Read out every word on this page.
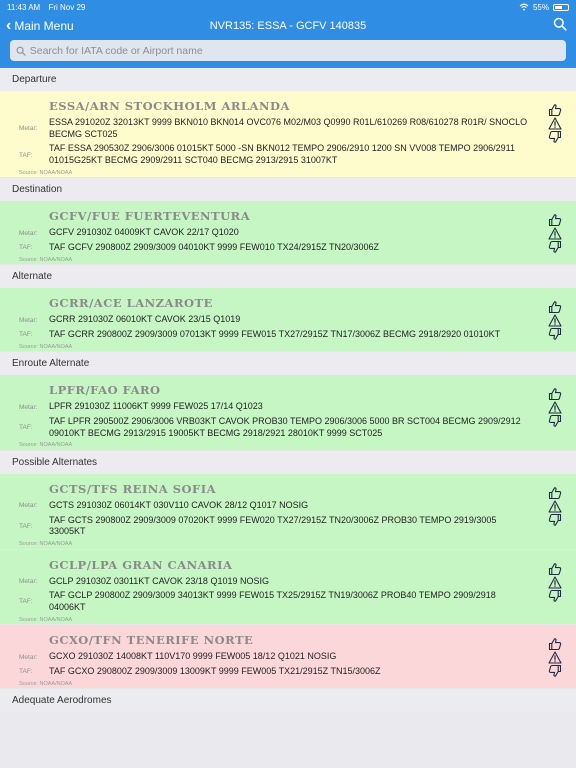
11:43 AM Fri Nov 29	55%
‹ Main Menu	NVR135: ESSA - GCFV 140835
Search for IATA code or Airport name
Departure
ESSA/ARN STOCKHOLM ARLANDA
Metar:
ESSA 291020Z 32013KT 9999 BKN010 BKN014 OVC076 M02/M03 Q0990 R01L/610269 R08/610278 R01R/ SNOCLO BECMG SCT025
TAF:
TAF ESSA 290530Z 2906/3006 01015KT 5000 -SN BKN012 TEMPO 2906/2910 1200 SN VV008 TEMPO 2906/2911 01015G25KT BECMG 2909/2911 SCT040 BECMG 2913/2915 31007KT
Source: NOAA/NOAA
Destination
GCFV/FUE FUERTEVENTURA
Metar:	GCFV 291030Z 04009KT CAVOK 22/17 Q1020
TAF:	TAF GCFV 290800Z 2909/3009 04010KT 9999 FEW010 TX24/2915Z TN20/3006Z
Source: NOAA/NOAA
Alternate
GCRR/ACE LANZAROTE
Metar:	GCRR 291030Z 06010KT CAVOK 23/15 Q1019
TAF:	TAF GCRR 290800Z 2909/3009 07013KT 9999 FEW015 TX27/2915Z TN17/3006Z BECMG 2918/2920 01010KT
Source: NOAA/NOAA
Enroute Alternate
LPFR/FAO FARO
Metar:	LPFR 291030Z 11006KT 9999 FEW025 17/14 Q1023
TAF:
TAF LPFR 290500Z 2906/3006 VRB03KT CAVOK PROB30 TEMPO 2906/3006 5000 BR SCT004 BECMG 2909/2912 09010KT BECMG 2913/2915 19005KT BECMG 2918/2921 28010KT 9999 SCT025
Source: NOAA/NOAA
Possible Alternates
GCTS/TFS REINA SOFIA
Metar:	GCTS 291030Z 06014KT 030V110 CAVOK 28/12 Q1017 NOSIG
TAF:
TAF GCTS 290800Z 2909/3009 07020KT 9999 FEW020 TX27/2915Z TN20/3006Z PROB30 TEMPO 2919/3005 33005KT
Source: NOAA/NOAA
GCLP/LPA GRAN CANARIA
Metar:	GCLP 291030Z 03011KT CAVOK 23/18 Q1019 NOSIG
TAF:
TAF GCLP 290800Z 2909/3009 34013KT 9999 FEW015 TX25/2915Z TN19/3006Z PROB40 TEMPO 2909/2918 04006KT
Source: NOAA/NOAA
GCXO/TFN TENERIFE NORTE
Metar:	GCXO 291030Z 14008KT 110V170 9999 FEW005 18/12 Q1021 NOSIG
TAF:	TAF GCXO 290800Z 2909/3009 13009KT 9999 FEW005 TX21/2915Z TN15/3006Z
Source: NOAA/NOAA
Adequate Aerodromes
